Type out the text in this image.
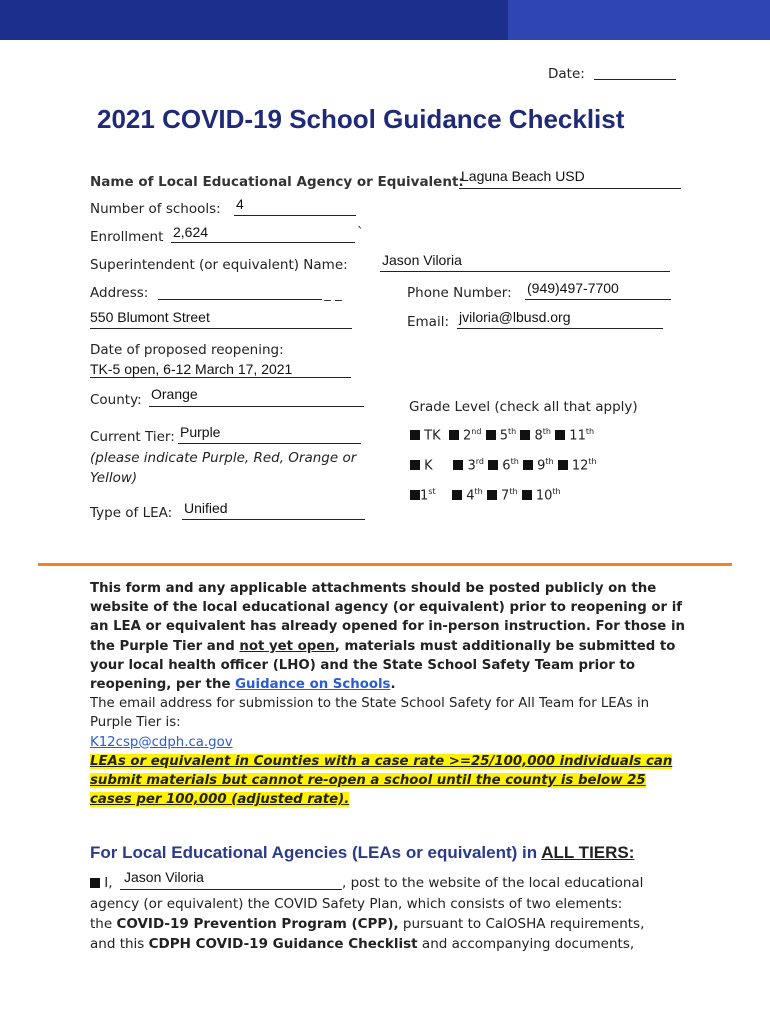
Date:
2021 COVID-19 School Guidance Checklist
Name of Local Educational Agency or Equivalent:
Laguna Beach USD
Number of schools: 4
Enrollment 2,624	`
Superintendent (or equivalent) Name: Jason Viloria
Address:	_ _
550 Blumont Street
Phone Number: (949)497-7700
Email: jviloria@lbusd.org
Date of proposed reopening:
TK-5 open, 6-12 March 17, 2021
County: Orange
Grade Level (check all that apply)
TK 2nd 5th 8th 11th
K	3rd 6th 9th 12th
1st 4th 7th 10th
Current Tier: Purple
(please indicate Purple, Red, Orange or Yellow)
Type of LEA: Unified
This form and any applicable attachments should be posted publicly on the website of the local educational agency (or equivalent) prior to reopening or if an LEA or equivalent has already opened for in-person instruction. For those in the Purple Tier and not yet open, materials must additionally be submitted to your local health officer (LHO) and the State School Safety Team prior to reopening, per the Guidance on Schools.
The email address for submission to the State School Safety for All Team for LEAs in Purple Tier is:
K12csp@cdph.ca.gov
LEAs or equivalent in Counties with a case rate >=25/100,000 individuals can submit materials but cannot re-open a school until the county is below 25 cases per 100,000 (adjusted rate).
For Local Educational Agencies (LEAs or equivalent) in ALL TIERS:
I, Jason Viloria	, post to the website of the local educational
agency (or equivalent) the COVID Safety Plan, which consists of two elements:
the COVID-19 Prevention Program (CPP), pursuant to CalOSHA requirements,
and this CDPH COVID-19 Guidance Checklist and accompanying documents,
